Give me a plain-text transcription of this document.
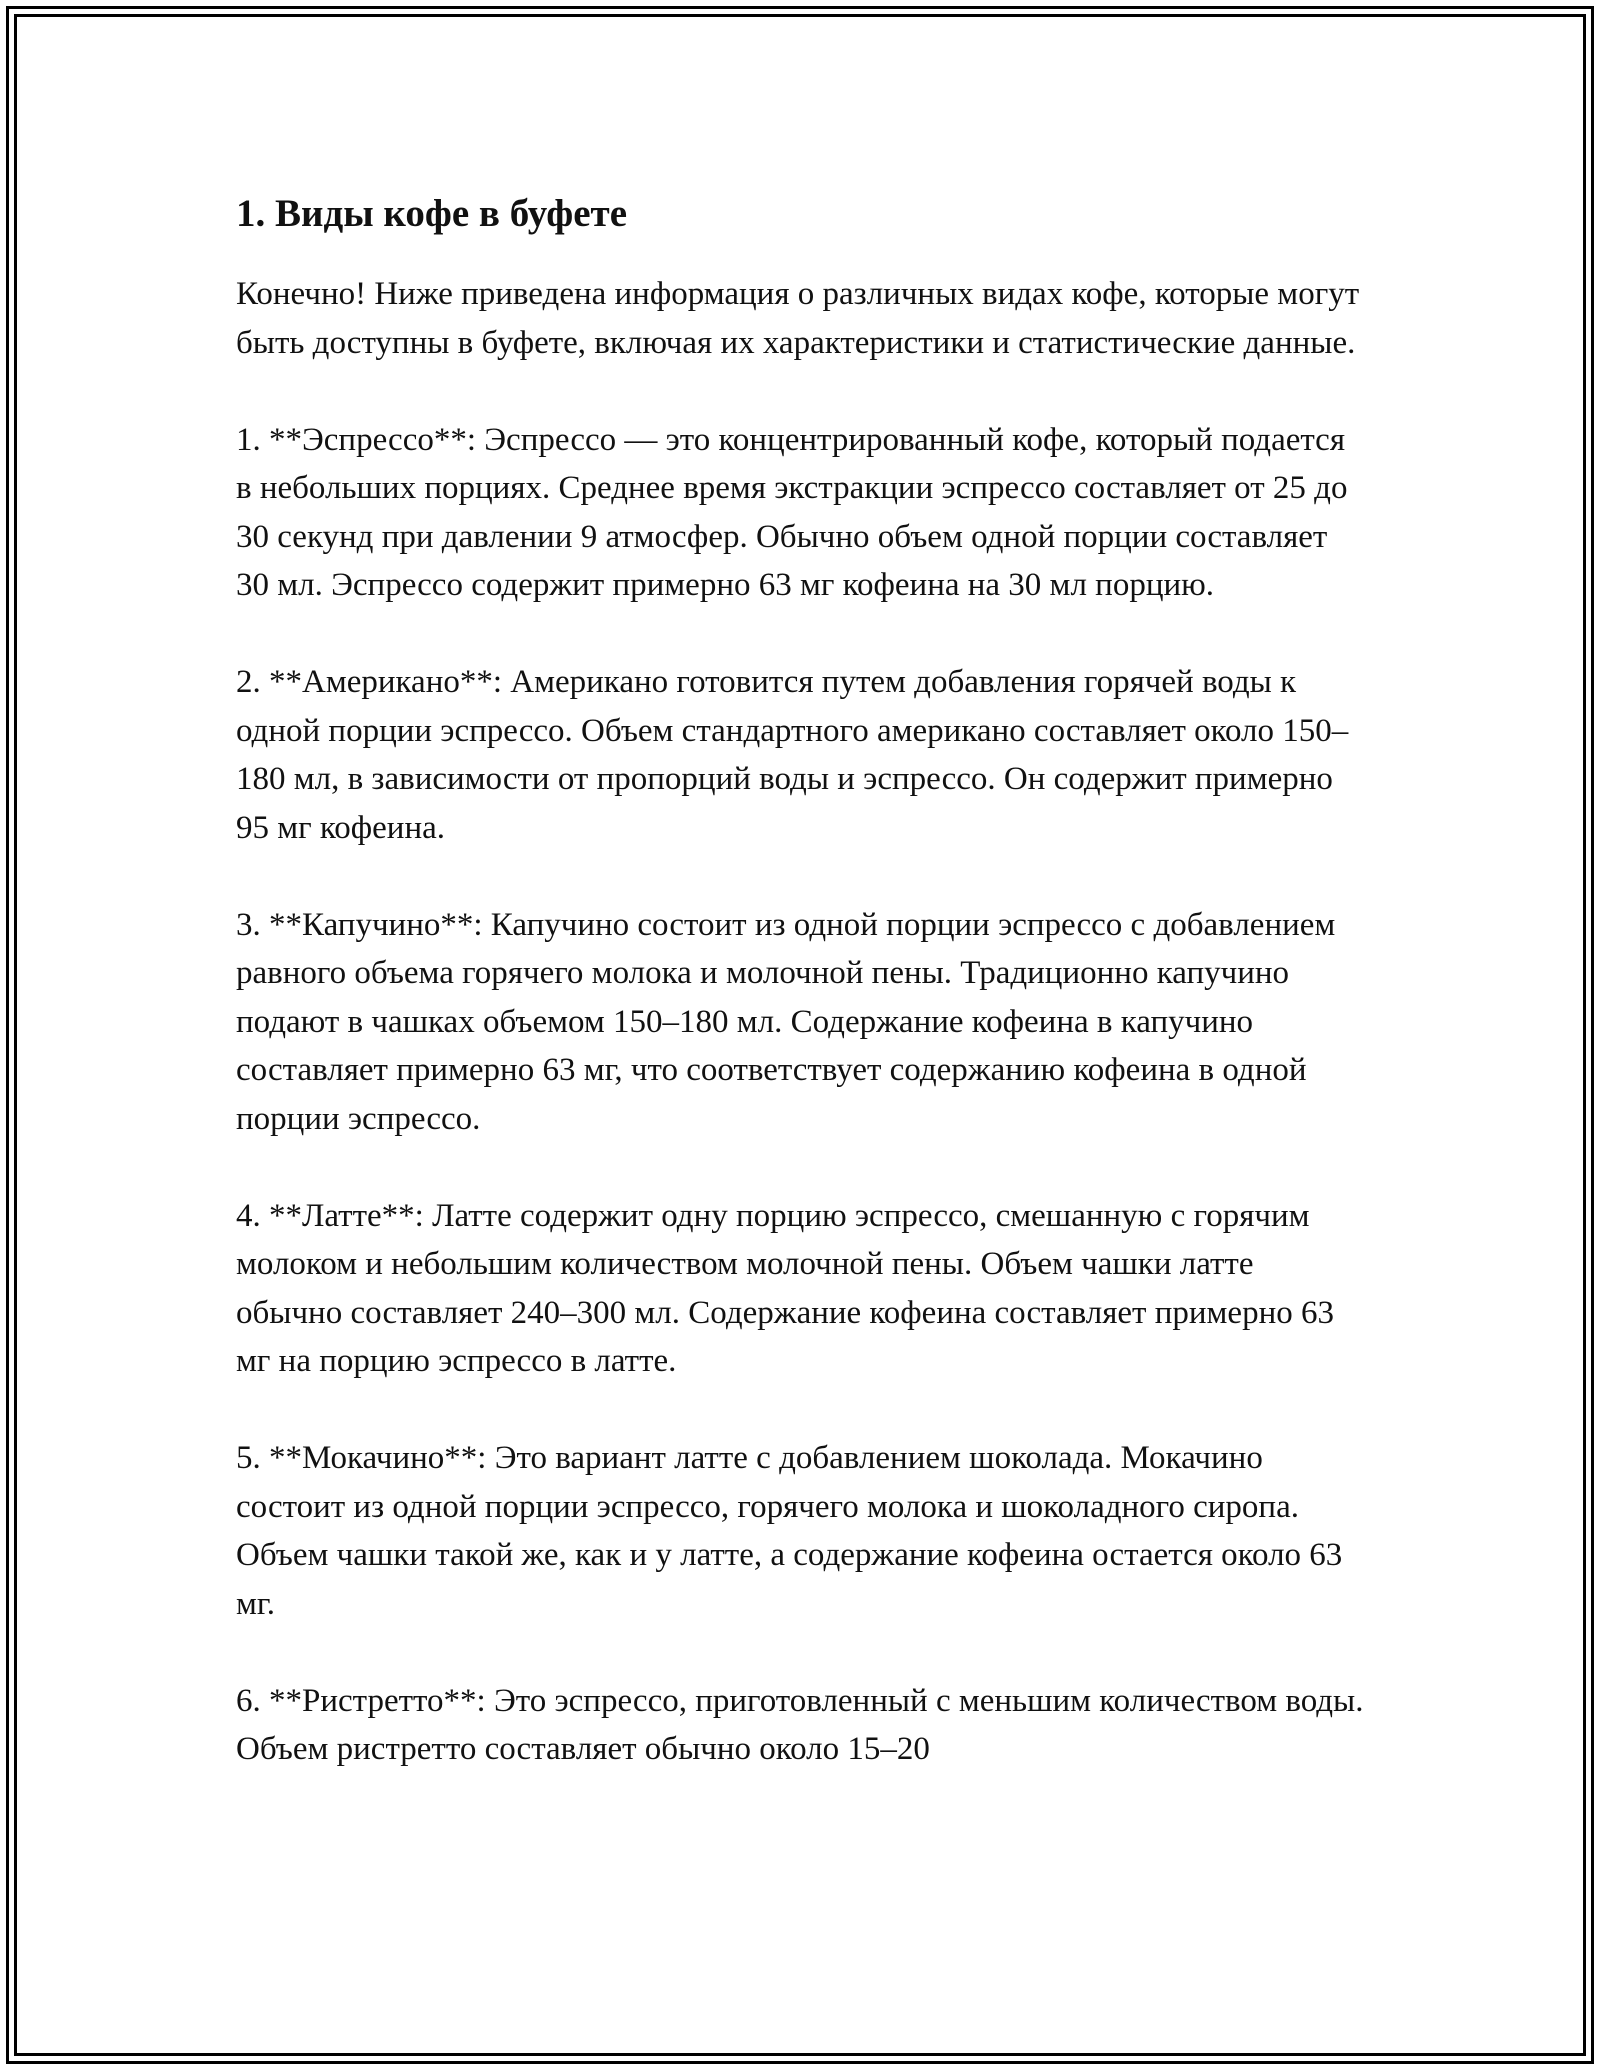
1. Виды кофе в буфете

Конечно! Ниже приведена информация о различных видах кофе, которые могут быть доступны в буфете, включая их характеристики и статистические данные.

1. **Эспрессо**: Эспрессо — это концентрированный кофе, который подается в небольших порциях. Среднее время экстракции эспрессо составляет от 25 до 30 секунд при давлении 9 атмосфер. Обычно объем одной порции составляет 30 мл. Эспрессо содержит примерно 63 мг кофеина на 30 мл порцию.

2. **Американо**: Американо готовится путем добавления горячей воды к одной порции эспрессо. Объем стандартного американо составляет около 150–180 мл, в зависимости от пропорций воды и эспрессо. Он содержит примерно 95 мг кофеина.

3. **Капучино**: Капучино состоит из одной порции эспрессо с добавлением равного объема горячего молока и молочной пены. Традиционно капучино подают в чашках объемом 150–180 мл. Содержание кофеина в капучино составляет примерно 63 мг, что соответствует содержанию кофеина в одной порции эспрессо.

4. **Латте**: Латте содержит одну порцию эспрессо, смешанную с горячим молоком и небольшим количеством молочной пены. Объем чашки латте обычно составляет 240–300 мл. Содержание кофеина составляет примерно 63 мг на порцию эспрессо в латте.

5. **Мокачино**: Это вариант латте с добавлением шоколада. Мокачино состоит из одной порции эспрессо, горячего молока и шоколадного сиропа. Объем чашки такой же, как и у латте, а содержание кофеина остается около 63 мг.

6. **Ристретто**: Это эспрессо, приготовленный с меньшим количеством воды. Объем ристретто составляет обычно около 15–20
